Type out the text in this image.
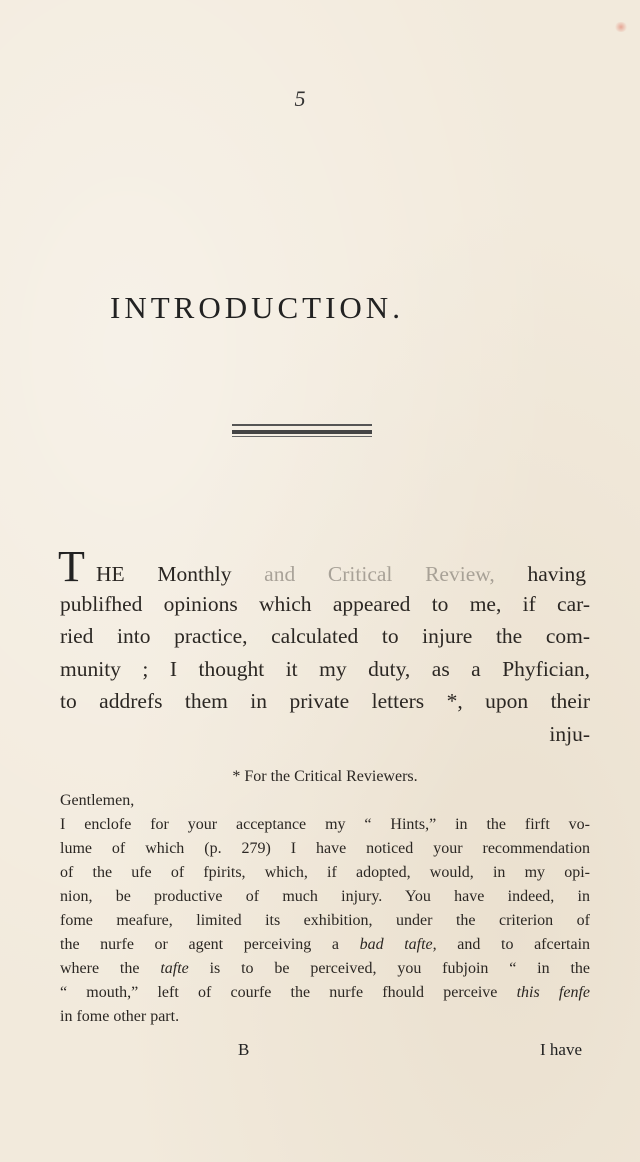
5
INTRODUCTION.
T HE Monthly and Critical Review, having
publifhed opinions which appeared to me, if car-
ried into practice, calculated to injure the com-
munity ; I thought it my duty, as a Phyfician,
to addrefs them in private letters *, upon their
inju-
* For the Critical Reviewers.
Gentlemen,
I enclofe for your acceptance my “ Hints,” in the firft vo-
lume of which (p. 279) I have noticed your recommendation
of the ufe of fpirits, which, if adopted, would, in my opi-
nion, be productive of much injury. You have indeed, in
fome meafure, limited its exhibition, under the criterion of
the nurfe or agent perceiving a bad tafte, and to afcertain
where the tafte is to be perceived, you fubjoin “ in the
“ mouth,” left of courfe the nurfe fhould perceive this fenfe
in fome other part.
B	I have
